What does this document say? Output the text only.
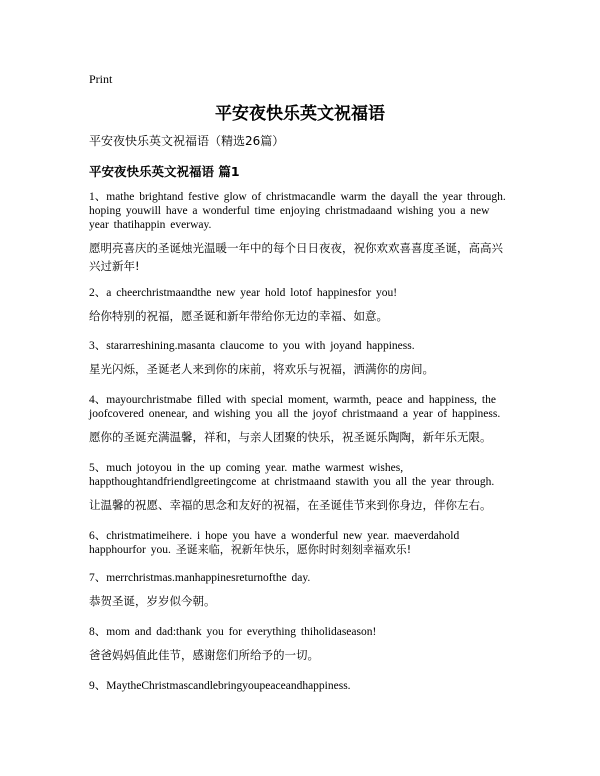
Print
平安夜快乐英文祝福语
平安夜快乐英文祝福语（精选26篇）
平安夜快乐英文祝福语 篇1
1、mathe brightand festive glow of christmacandle warm the dayall the year through. hoping youwill have a wonderful time enjoying christmadaand wishing you a new year thatihappin everway.
愿明亮喜庆的圣诞烛光温暖一年中的每个日日夜夜，祝你欢欢喜喜度圣诞，高高兴兴过新年!
2、a cheerchristmaandthe new year hold lotof happinesfor you!
给你特别的祝福，愿圣诞和新年带给你无边的幸福、如意。
3、stararreshining.masanta claucome to you with joyand happiness.
星光闪烁，圣诞老人来到你的床前，将欢乐与祝福，洒满你的房间。
4、mayourchristmabe filled with special moment, warmth, peace and happiness, the joofcovered onenear, and wishing you all the joyof christmaand a year of happiness.
愿你的圣诞充满温馨，祥和，与亲人团聚的快乐，祝圣诞乐陶陶，新年乐无限。
5、much jotoyou in the up coming year. mathe warmest wishes, happthoughtandfriendlgreetingcome at christmaand stawith you all the year through.
让温馨的祝愿、幸福的思念和友好的祝福，在圣诞佳节来到你身边，伴你左右。
6、christmatimeihere. i hope you have a wonderful new year. maeverdahold happhourfor you. 圣诞来临，祝新年快乐，愿你时时刻刻幸福欢乐!
7、merrchristmas.manhappinesreturnofthe day.
恭贺圣诞，岁岁似今朝。
8、mom and dad:thank you for everything thiholidaseason!
爸爸妈妈值此佳节，感谢您们所给予的一切。
9、MaytheChristmascandlebringyoupeaceandhappiness.
